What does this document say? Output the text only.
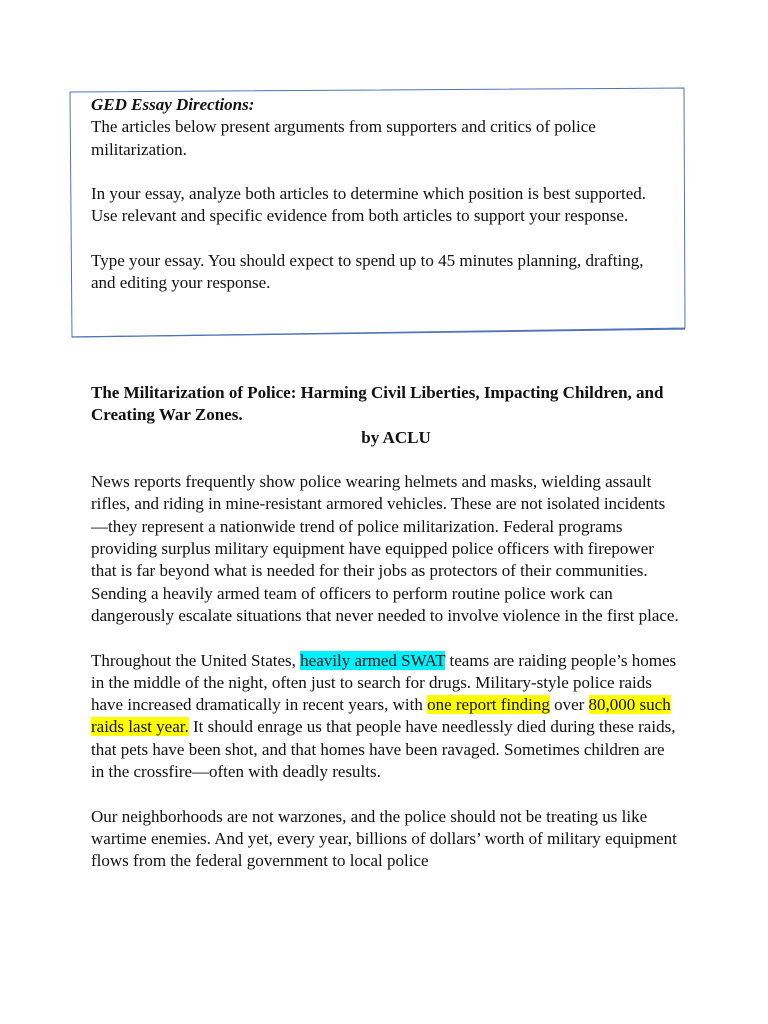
GED Essay Directions:

The articles below present arguments from supporters and critics of police militarization.

In your essay, analyze both articles to determine which position is best supported. Use relevant and specific evidence from both articles to support your response.

Type your essay. You should expect to spend up to 45 minutes planning, drafting, and editing your response.

The Militarization of Police: Harming Civil Liberties, Impacting Children, and Creating War Zones.

by ACLU

News reports frequently show police wearing helmets and masks, wielding assault rifles, and riding in mine-resistant armored vehicles. These are not isolated incidents—they represent a nationwide trend of police militarization. Federal programs providing surplus military equipment have equipped police officers with firepower that is far beyond what is needed for their jobs as protectors of their communities. Sending a heavily armed team of officers to perform routine police work can dangerously escalate situations that never needed to involve violence in the first place.

Throughout the United States, heavily armed SWAT teams are raiding people’s homes in the middle of the night, often just to search for drugs. Military-style police raids have increased dramatically in recent years, with one report finding over 80,000 such raids last year. It should enrage us that people have needlessly died during these raids, that pets have been shot, and that homes have been ravaged. Sometimes children are in the crossfire—often with deadly results.

Our neighborhoods are not warzones, and the police should not be treating us like wartime enemies. And yet, every year, billions of dollars’ worth of military equipment flows from the federal government to local police
